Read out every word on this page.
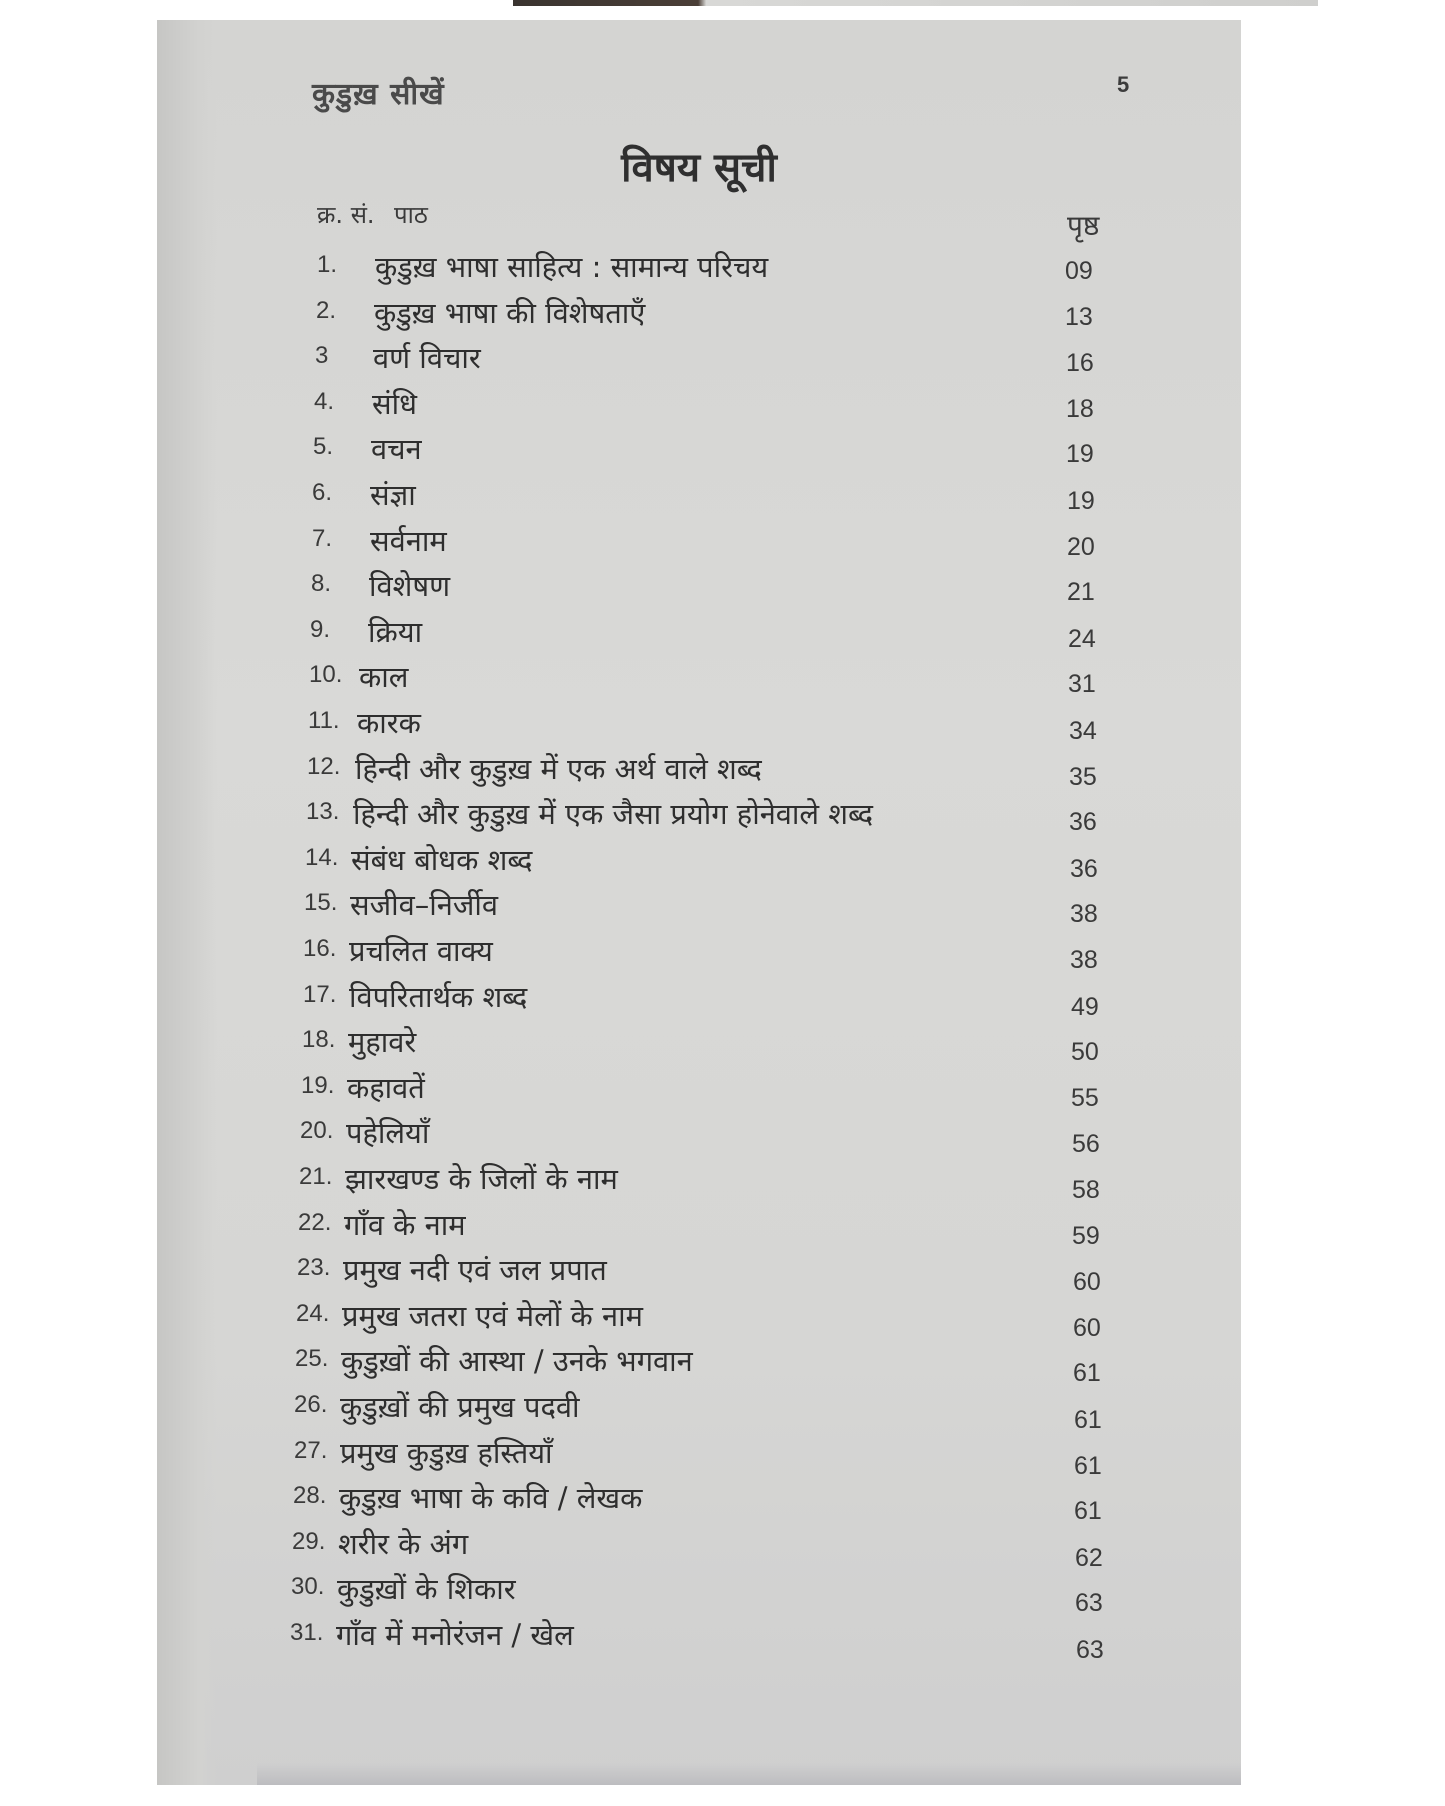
कुडुख़ सीखें	5
विषय सूची
क्र. सं. पाठ	पृष्ठ
1. कुडुख़ भाषा साहित्य : सामान्य परिचय	09
2. कुडुख़ भाषा की विशेषताएँ	13
3 वर्ण विचार	16
4. संधि	18
5. वचन	19
6. संज्ञा	19
7. सर्वनाम	20
8. विशेषण	21
9. क्रिया	24
10. काल	31
11. कारक	34
12. हिन्दी और कुडुख़ में एक अर्थ वाले शब्द	35
13. हिन्दी और कुडुख़ में एक जैसा प्रयोग होनेवाले शब्द	36
14. संबंध बोधक शब्द	36
15. सजीव–निर्जीव	38
16. प्रचलित वाक्य	38
17. विपरितार्थक शब्द	49
18. मुहावरे	50
19. कहावतें	55
20. पहेलियाँ	56
21. झारखण्ड के जिलों के नाम	58
22. गाँव के नाम	59
23. प्रमुख नदी एवं जल प्रपात	60
24. प्रमुख जतरा एवं मेलों के नाम	60
25. कुडुख़ों की आस्था / उनके भगवान	61
26. कुडुख़ों की प्रमुख पदवी	61
27. प्रमुख कुडुख़ हस्तियाँ	61
28. कुडुख़ भाषा के कवि / लेखक	61
29. शरीर के अंग	62
30. कुडुख़ों के शिकार	63
31. गाँव में मनोरंजन / खेल	63
